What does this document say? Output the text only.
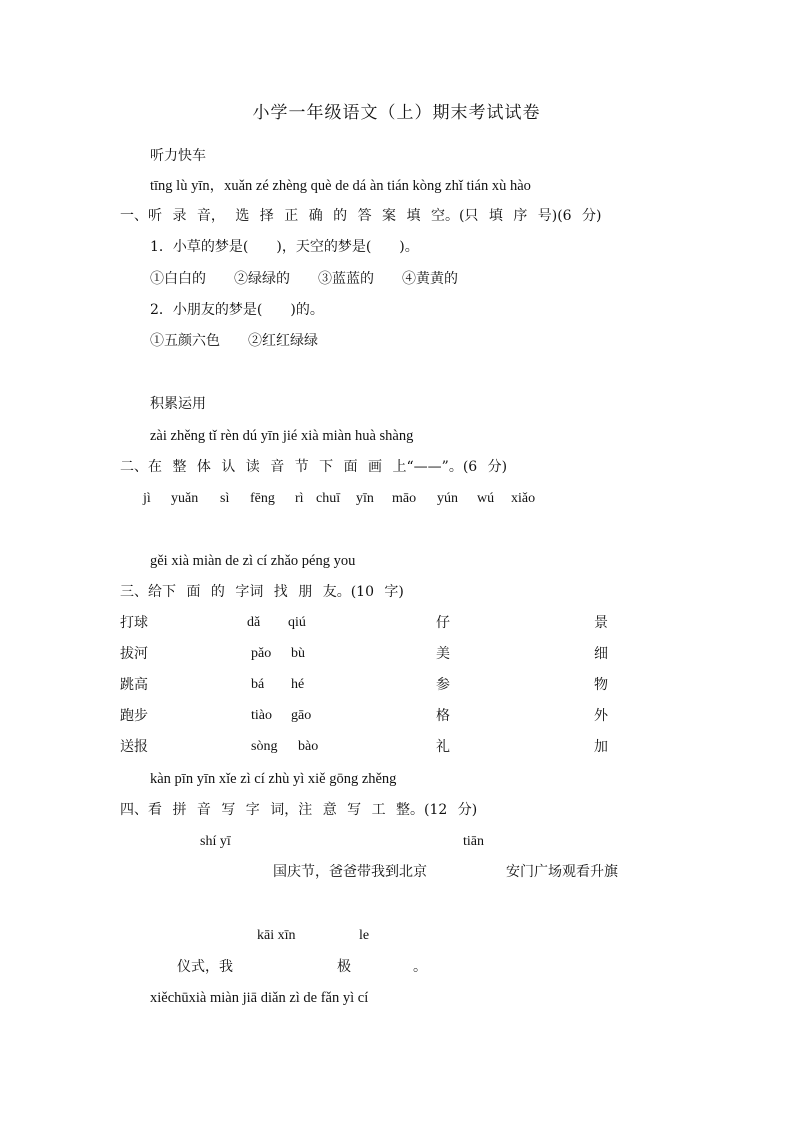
小学一年级语文（上）期末考试试卷
听力快车
tīng lù yīn，xuǎn zé zhèng què de dá àn tián kòng zhǐ tián xù hào
一、听 录 音， 选 择 正 确 的 答 案 填 空。(只 填 序 号)(6 分)
1．小草的梦是(　　)，天空的梦是(　　)。
①白白的　　②绿绿的　　③蓝蓝的　　④黄黄的
2．小朋友的梦是(　　)的。
①五颜六色　　②红红绿绿
积累运用
zài zhěng tǐ rèn dú yīn jié xià miàn huà shàng
二、在 整 体 认 读 音 节 下 面 画 上“——”。(6 分)
jì yuǎn sì fēng rì chuī yīn māo yún wú xiǎo
gěi xià miàn de zì cí zhǎo péng you
三、给下 面 的 字词 找 朋 友。(10 字)
打球	dǎ qiú	仔	景
拔河	pǎo bù	美	细
跳高	bá hé	参	物
跑步	tiào gāo	格	外
送报	sòng bào	礼	加
kàn pīn yīn xǐe zì cí zhù yì xiě gōng zhěng
四、看 拼 音 写 字 词，注 意 写 工 整。(12 分)
shí yī	tiān
国庆节，爸爸带我到北京	安门广场观看升旗
kāi xīn	le
仪式，我	极	。
xiěchūxià miàn jiā diǎn zì de fǎn yì cí
